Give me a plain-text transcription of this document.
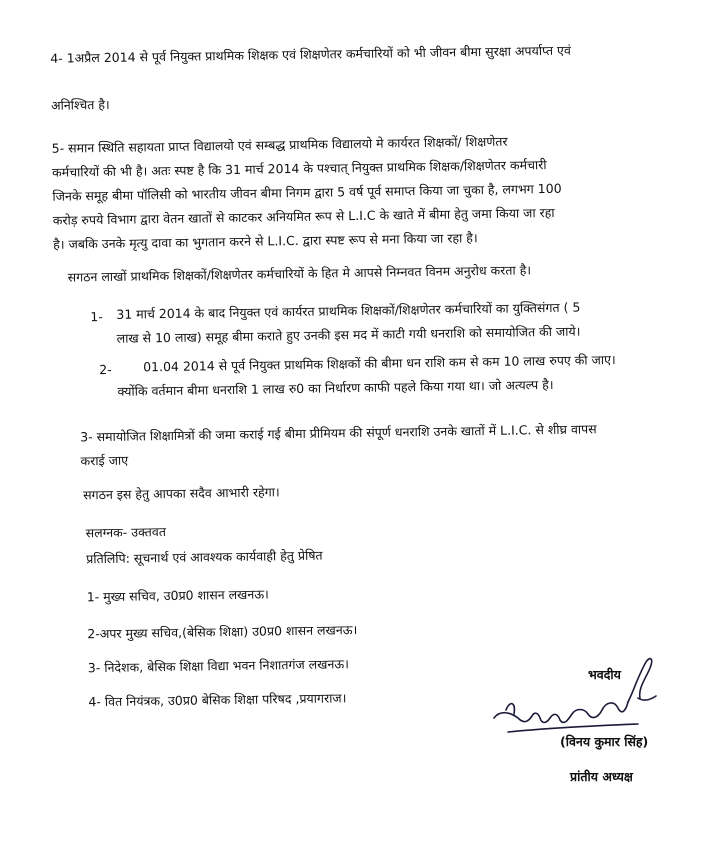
4- 1अप्रैल 2014 से पूर्व नियुक्त प्राथमिक शिक्षक एवं शिक्षणेतर कर्मचारियों को भी जीवन बीमा सुरक्षा अपर्याप्त एवं
अनिश्चित है।
5- समान स्थिति सहायता प्राप्त विद्यालयो एवं सम्बद्ध प्राथमिक विद्यालयो मे कार्यरत शिक्षकों/ शिक्षणेतर
कर्मचारियों की भी है। अतः स्पष्ट है कि 31 मार्च 2014 के पश्चात् नियुक्त प्राथमिक शिक्षक/शिक्षणेतर कर्मचारी
जिनके समूह बीमा पॉलिसी को भारतीय जीवन बीमा निगम द्वारा 5 वर्ष पूर्व समाप्त किया जा चुका है, लगभग 100
करोड़ रुपये विभाग द्वारा वेतन खातों से काटकर अनियमित रूप से L.I.C के खाते में बीमा हेतु जमा किया जा रहा
है। जबकि उनके मृत्यु दावा का भुगतान करने से L.I.C. द्वारा स्पष्ट रूप से मना किया जा रहा है।
सगठन लाखों प्राथमिक शिक्षकों/शिक्षणेतर कर्मचारियों के हित मे आपसे निम्नवत विनम अनुरोध करता है।
1- 31 मार्च 2014 के बाद नियुक्त एवं कार्यरत प्राथमिक शिक्षकों/शिक्षणेतर कर्मचारियों का युक्तिसंगत ( 5
लाख से 10 लाख) समूह बीमा कराते हुए उनकी इस मद में काटी गयी धनराशि को समायोजित की जाये।
2-	01.04 2014 से पूर्व नियुक्त प्राथमिक शिक्षकों की बीमा धन राशि कम से कम 10 लाख रुपए की जाए।
क्योंकि वर्तमान बीमा धनराशि 1 लाख रु0 का निर्धारण काफी पहले किया गया था। जो अत्यल्प है।
3- समायोजित शिक्षामित्रों की जमा कराई गई बीमा प्रीमियम की संपूर्ण धनराशि उनके खातों में L.I.C. से शीघ्र वापस
कराई जाए
सगठन इस हेतु आपका सदैव आभारी रहेगा।
सलग्नक- उक्तवत
प्रतिलिपि: सूचनार्थ एवं आवश्यक कार्यवाही हेतु प्रेषित
1- मुख्य सचिव, उ0प्र0 शासन लखनऊ।
2-अपर मुख्य सचिव,(बेसिक शिक्षा) उ0प्र0 शासन लखनऊ।
3- निदेशक, बेसिक शिक्षा विद्या भवन निशातगंज लखनऊ।
4- वित नियंत्रक, उ0प्र0 बेसिक शिक्षा परिषद ,प्रयागराज।
भवदीय
(विनय कुमार सिंह)
प्रांतीय अध्यक्ष
